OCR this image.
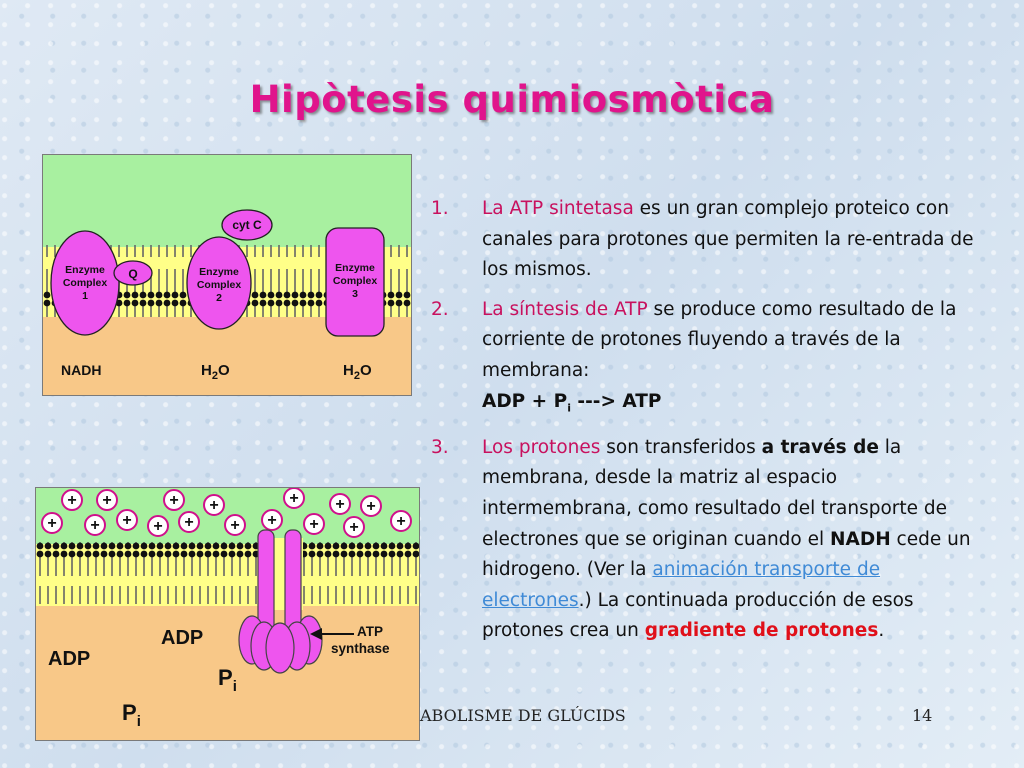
Hipòtesis quimiosmòtica
Enzyme
Complex
1
Q	Enzyme
Complex
2
cyt C
Enzyme
Complex
3
NADH	$H_2O$	$H_2O$
+ +	+ +	+ + +
+ + + + + + + + + +
ATP synthase
ADP
ADP
$P_i$
$P_i$
1. La ATP sintetasa es un gran complejo proteico con canales para protones que permiten la re-entrada de los mismos.
2. La síntesis de ATP se produce como resultado de la corriente de protones fluyendo a través de la membrana:
ADP + $P_i$ ---> ATP
3. Los protones son transferidos a través de la membrana, desde la matriz al espacio intermembrana, como resultado del transporte de electrones que se originan cuando el NADH cede un hidrogeno. (Ver la animación transporte de electrones.) La continuada producción de esos protones crea un gradiente de protones.
ABOLISME DE GLÚCIDS	14
